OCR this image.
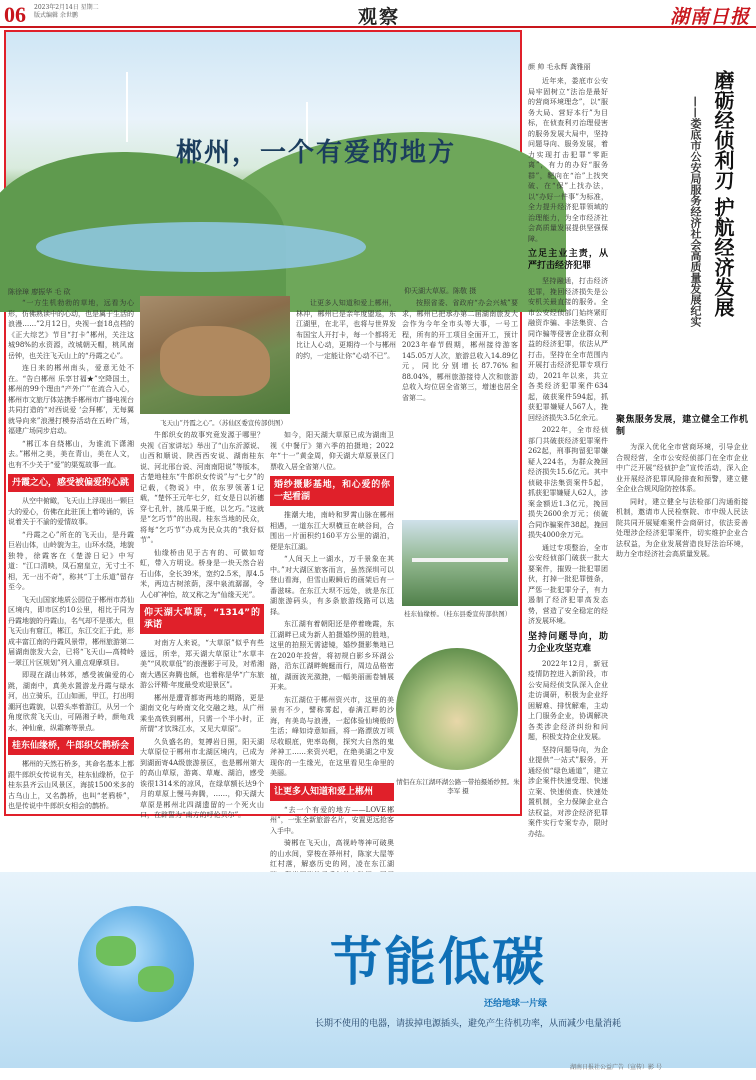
06 2023年2月14日 星期二
版式编辑 余世鹏	观察	湖南日报
郴州，一个有爱的地方
仰天湖大草原。陈敬 摄
陈徐璋 廖振华 毛 砍

“一方生机勃勃的草地，远看为心形，仿佛熟读中的心动，也是属于生活的浪漫……”2月12日，央视一套18点档的《正大综艺》节目“打卡”郴州，关注这城98%的水资源，改城朝天帽，桃风南岳钟，也关注飞天山上的“丹霞之心”。

连日来的郴州南头，爱意无处不在。“告白郴州 乐享甘福★”空降国土，郴州的99个理由“产外广”在流合入心，郴州市文旅厅体站携手郴州市广播电视台共同打造的“对西说爱 ‘会拜郴’，无每翼就导向来”浪漫打模券活动在五岭广场，福建广场同步启动。

“郴江本自绕郴山，为谁流下潇湘去。”郴州之美，美在青山，美在人文，也有不少关于“爱”的渠冤故事一直。

丹霞之心，感受被偏爱的心跳

从空中俯瞰，飞天山上浮现出一颗巨大的爱心，仿佛在此驻顶上着吟诵的，诉说着关于不渝的爱情故事。

“丹霞之心”所在的飞天山，是丹霞巨岩山体，山岭貌为主，山环水绕，地貌独特，徐霞客在《楚游日记》中写道：“江口清映，凤石窟皇立，无寸土不相，无一出不奇”，称其“丁土乐道”留存至今。

飞天山国家地质公园位于郴州市苏仙区境内，即市区约10公里，相比于同为丹霞地貌的丹霞山，名气却不是那大，但飞天山有窟江，郴江，东江交汇于此，形成丰富江南的丹霞风景带，郴州旅游第二届湖南旅发大会，已将“飞天山—高椅岭一翠江片区规划”列入重点观摩项目。

即现在湖山林郊，感受被偏爱的心跳，湖南中，真美水置游龙丹霞与绿水河，出立骑乐，江山如画，甲江，打出明潮河也霞貌，以碧头率着游江，从另一个角度欣赏飞天山，可隔湘子岭，颜龟戏水，神仙童，纵霜寨等景点。

桂东仙缘桥，牛郎织女鹊桥会

郴州的天然石桥多，其命名基本上都跟牛郎织女传说有关，桂东仙缘桥，位于桂东县齐云山风景区，海拔1500米多的古乌山上，又名鹊桥，也叫“老鸦桥”，也是传说中牛郎织女相会的鹊桥。

飞天山“丹霞之心”。（苏仙区委宣传部供图）

牛郎织女的故事究竟发源于哪里？央视《百家讲坛》举出了“山东沂源说、山西和顺说、陕西西安说、湖南桂东说、河北邢台说、河南南阳说”等版本，古楚地桂东“牛郎织女传说”与“七夕”的记载，《物说》中，依东罗领著1记载，“楚怀王元年七夕，红女是日以祈穗穿七孔针，挑瓜果于庭，以乞巧。”这就是“乞巧节”的出现。桂东当地的民众，将每“乞巧节”办成为民众共的“我好似节”。

仙缘桥由见于古有的、可做如弯虹，带入方明设。桥身是一块天然合岩石山体，全长39米，宽约2.5米，厚4.5米，两边古树浓荫，深中泉流潺潺，令人心旷神怡，故又称之为“仙缘天光”。

仰天湖大草原，“1314”的承诺

对南方人来说，“大草原”似乎有些遥远，所幸，郑天湖大草原让“水草丰美”“风吹草低”的浪漫影于可及，对希湘南大遇区奔腾也颇，也着称是华“广东旅游公评精·年度最受欢迎景区”。

郴州是遭背都寄两地的期路，更是湖南文化与岭南文化交融之地，从广州乘坐高铁到郴州，只需一个半小时，正所谓“才饮珠江水，又见大草原”。

久负盛名的，复搏岩日照，阳天湖大草原位于郴州市北湖区境内，已成为到湖面寄4A级旅游景区，也是郴州第大的高山草原，游离、草庵、湖泊，感受诶很1314米的凉风，在绿草额长达9个月的草原上慢马奔腾，……，仰天湖大草原是郴州北四湖遗留的一个死火山口，在辟誓为“南方的呼伦贝尔”。

如今，阳天湖大草原已成为湖南卫视《中餐厅》第六季的拍摄地；2022年“十一”黄金周，仰天湖大草原景区门票收入居全省第八位。

婚纱摄影基地，和心爱的你一起看湖

推潮大地，南岭和罗霄山脉在郴州相遇，一道东江大坝横亘在峡谷间，合围出一片面积约160平方公里的湖泊，便是东江湖。

“人间天上一湖水，万千景象在其中。”对大湖区旅客而言，虽然深圳可以登山看海，但雪山殿瞬后的画架后有一番滋味。在东江大坝不远处，就是东江湖旅游码头，有多条旅游线路可以选择。

东江湖有着朝阳还是停着晚霞，东江湖畔已成为新人拍摄婚纱照的胜地，这里的拍照无需滤镜，婚纱摄影集地已在2020年投营，将初规白影乡环湖公路，沿东江湖畔蜿蜒而行，周边品格密植，湖面波光潋滟，一幅美丽画卷铺展开来。

东江湖位于郴州资兴市，这里的美景有不少，譬称雾起，春满江畔的沙海，有美岛与浪漫，一起体验仙境般的生活；峰如诗意如画，将一路漂放万顷尽收眼底，兜率岛侧，探究大自然的鬼斧神工……来资兴吧，在绝美湖之中发现你的一生缘光，在这里看见生命里的美丽。

让更多人知道和爱上郴州

“去一个有爱的地方——LOVE郴州”，一张全新旅游名片，安置更远抢客入手中。

骑郴在飞天山，高视岭等神可破奥的山水间，穿梭在莽州村，陈家大屋等红村落，解惑历史的网，凌在东江湖

让更多人知道和爱上郴州，林冲，郴州已是亲年度盟巡，东江湖里，在北平，也将与世界发布国宝人开打卡，每一个都将无比让人心动，更期待一个与郴州的约，一定能让你“心动不已”。

按照省委、省政府“办会兴城”要求，郴州已把承办第二届湖南旅发大会作为今年全市头等大事，一号工程，所有的开工项目全面开工，预计2023年春节假期，郴州接待游客145.05万人次，旅游总收入14.89亿元，同比分别增长87.76%和88.04%，郴州旅游接待人次和旅游总收入均位居全省第三，增速也居全省第二。

桂东仙缘桥。（桂东县委宣传部供图）
情侣在东江湖环湖公路一带拍摄婚纱照。朱李军 摄
颜 帅 毛永辉 龚雅丽
磨砺经侦利刃 护航经济发展
——娄底市公安局服务经济社会高质量发展纪实

近年来，娄底市公安局牢固树立“法治是最好的营商环境理念”，以“服务大局、营好本行”为目标，在侦查利刃治理侵害的服务发展大局中，坚持问题导向、服务发展，着力实现打击犯罪“零距离”，有力的办好“服务群”，靶向在“治”上找突破、在“保”上找办法，以“办好一件事”为标准，全力提升经济犯罪领域的治理能力，为全市经济社会高质量发展提供坚强保障。

立足主业主责，从严打击经济犯罪

坚持融通，打击经济犯罪，挽回经济损失是公安机关最直接的服务。全市公安经侦部门始终紧盯融资诈骗、非法集资、合同诈骗等侵害企业群众利益的经济犯罪，依法从严打击，坚持在全市范围内开展打击经济犯罪专项行动，2021年以来，共立各类经济犯罪案件634起，破获案件594起，抓获犯罪嫌疑人567人，挽回经济损失3.5亿余元。

2022年，全市经侦部门共破获经济犯罪案件262起，刑事拘留犯罪嫌疑人224名，为群众挽回经济损失15.6亿元。其中侦破非法集资案件5起，抓获犯罪嫌疑人62人，涉案金额近1.3亿元，挽回损失2600余万元；侦破合同诈骗案件38起，挽回损失4000余万元。

通过专项整治，全市公安经侦部门破获一批大要案件，摧毁一批犯罪团伙，打掉一批犯罪链条，严惩一批犯罪分子，有力遏制了经济犯罪高发态势，营造了安全稳定的经济发展环境。

坚持问题导向，助力企业攻坚克难

2022年12月，新冠疫情防控进入新阶段，市公安局经侦支队深入企业走访调研，积极为企业纾困解难、排忧解难，主动上门服务企业，协调解决各类涉企经济纠纷和问题，积极支持企业发展。

坚持问题导向，为企业提供“一站式”服务，开通经侦“绿色通道”，建立涉企案件快速受理、快速立案、快速侦查、快速处置机制，全力保障企业合法权益，对涉企经济犯罪案件实行专案专办，限时办结。

聚焦服务发展，建立健全工作机制

为深入优化全市营商环境，引导企业合规经营，全市公安经侦部门在全市企业中广泛开展“经侦护企”宣传活动，深入企业开展经济犯罪风险排查和预警，建立健全企业合规风险防控体系。

同时，建立健全与法检部门沟通衔接机制，邀请市人民检察院、市中级人民法院共同开展疑难案件会商研讨，依法妥善处理涉企经济犯罪案件，切实维护企业合法权益，为企业发展营造良好法治环境，助力全市经济社会高质量发展。

节能低碳
还给地球一片绿
长期不使用的电器，请拔掉电源插头，避免产生待机功率，从而减少电量消耗
湖南日报社公益广告（宣传）影 号
